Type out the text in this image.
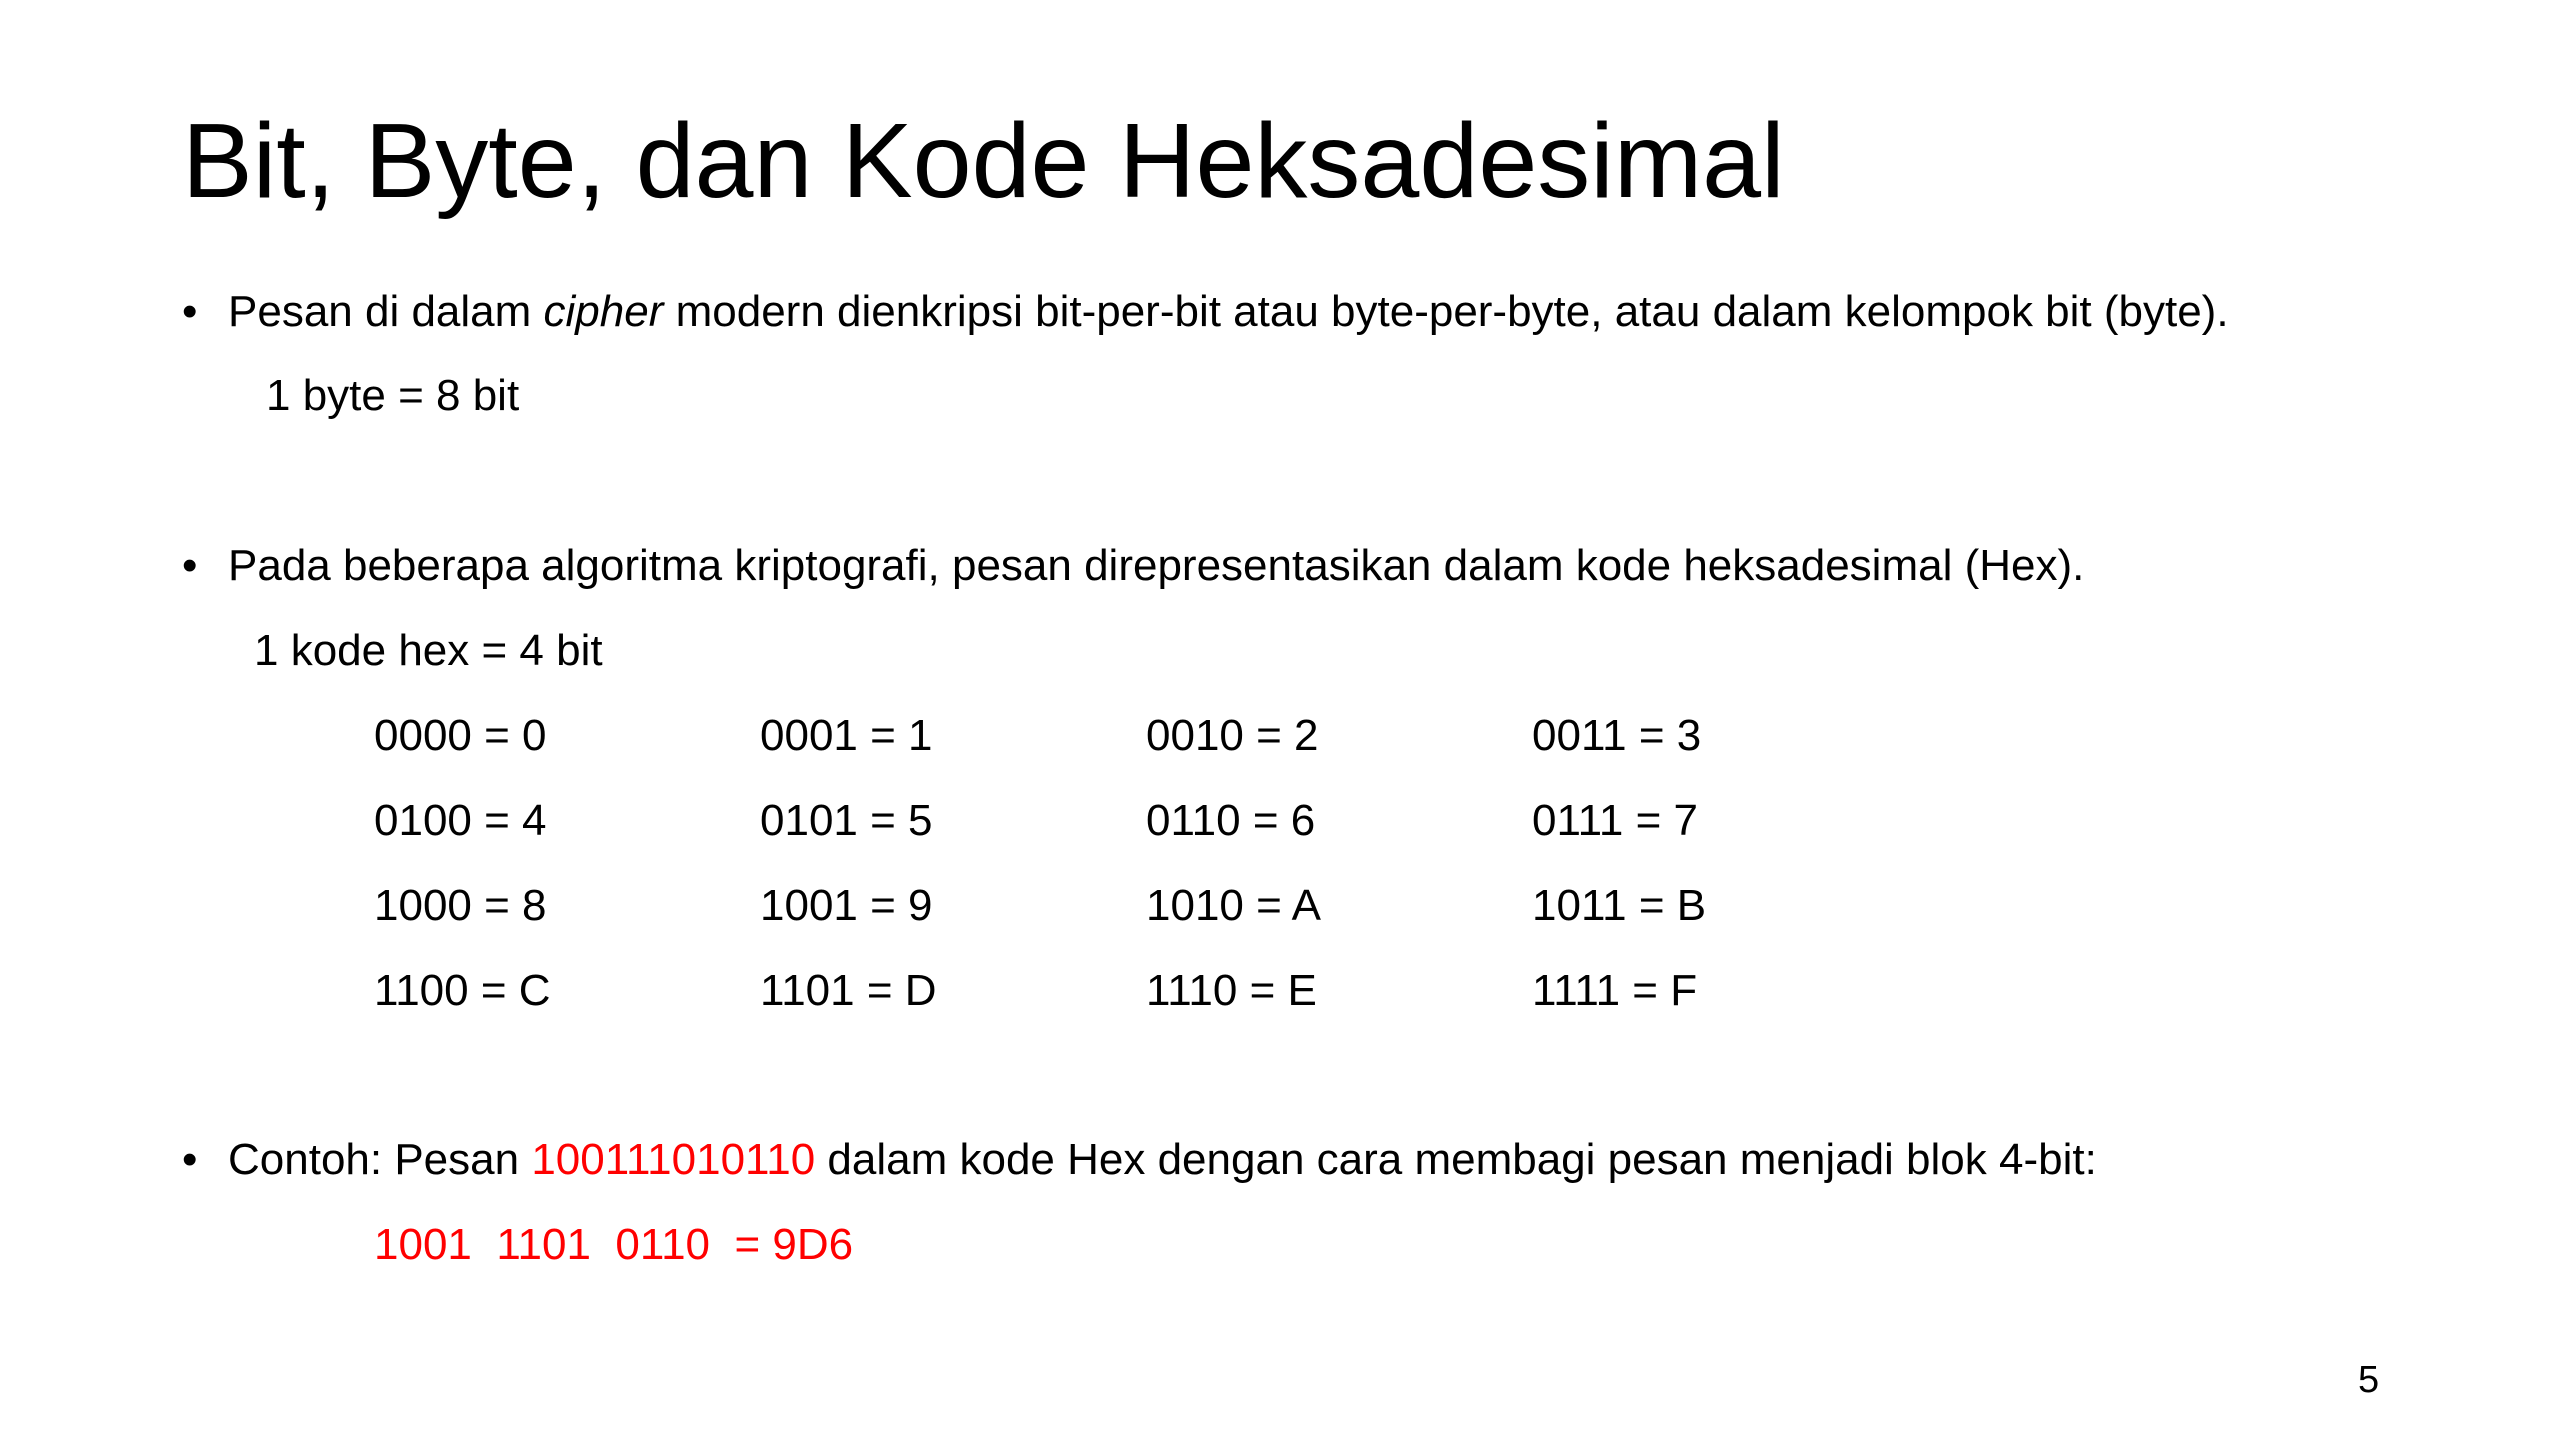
Bit, Byte, dan Kode Heksadesimal
• Pesan di dalam cipher modern dienkripsi bit-per-bit atau byte-per-byte, atau dalam kelompok bit (byte).
1 byte = 8 bit
• Pada beberapa algoritma kriptografi, pesan direpresentasikan dalam kode heksadesimal (Hex).
1 kode hex = 4 bit
0000 = 0	0001 = 1	0010 = 2	0011 = 3
0100 = 4	0101 = 5	0110 = 6	0111 = 7
1000 = 8	1001 = 9	1010 = A	1011 = B
1100 = C	1101 = D	1110 = E	1111 = F
• Contoh: Pesan 100111010110 dalam kode Hex dengan cara membagi pesan menjadi blok 4-bit:
1001  1101  0110  = 9D6
5
